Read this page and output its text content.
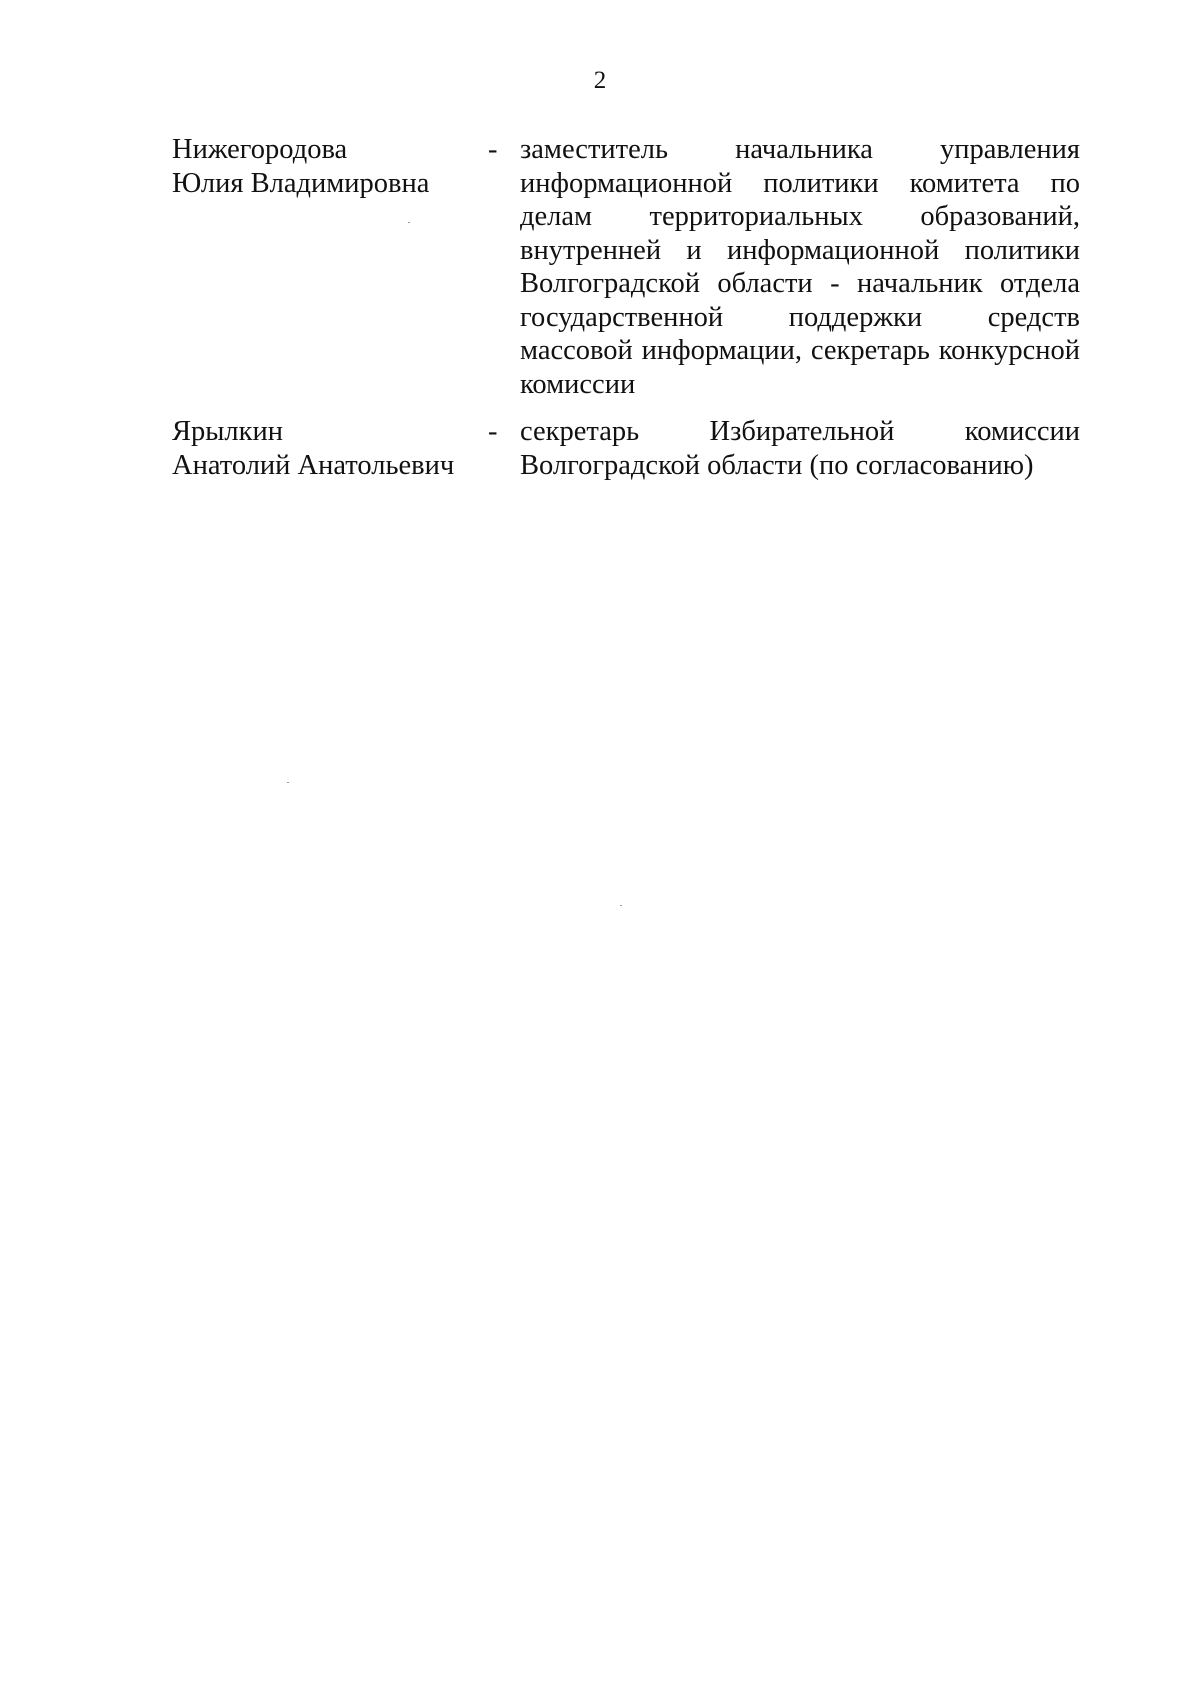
2
Нижегородова
Юлия Владимировна
- заместитель начальника управления информационной политики комитета по делам территориальных образований, внутренней и информационной политики Волгоградской области - начальник отдела государственной поддержки средств массовой информации, секретарь конкурсной комиссии
Ярылкин
Анатолий Анатольевич
- секретарь Избирательной комиссии Волгоградской области (по согласованию)
